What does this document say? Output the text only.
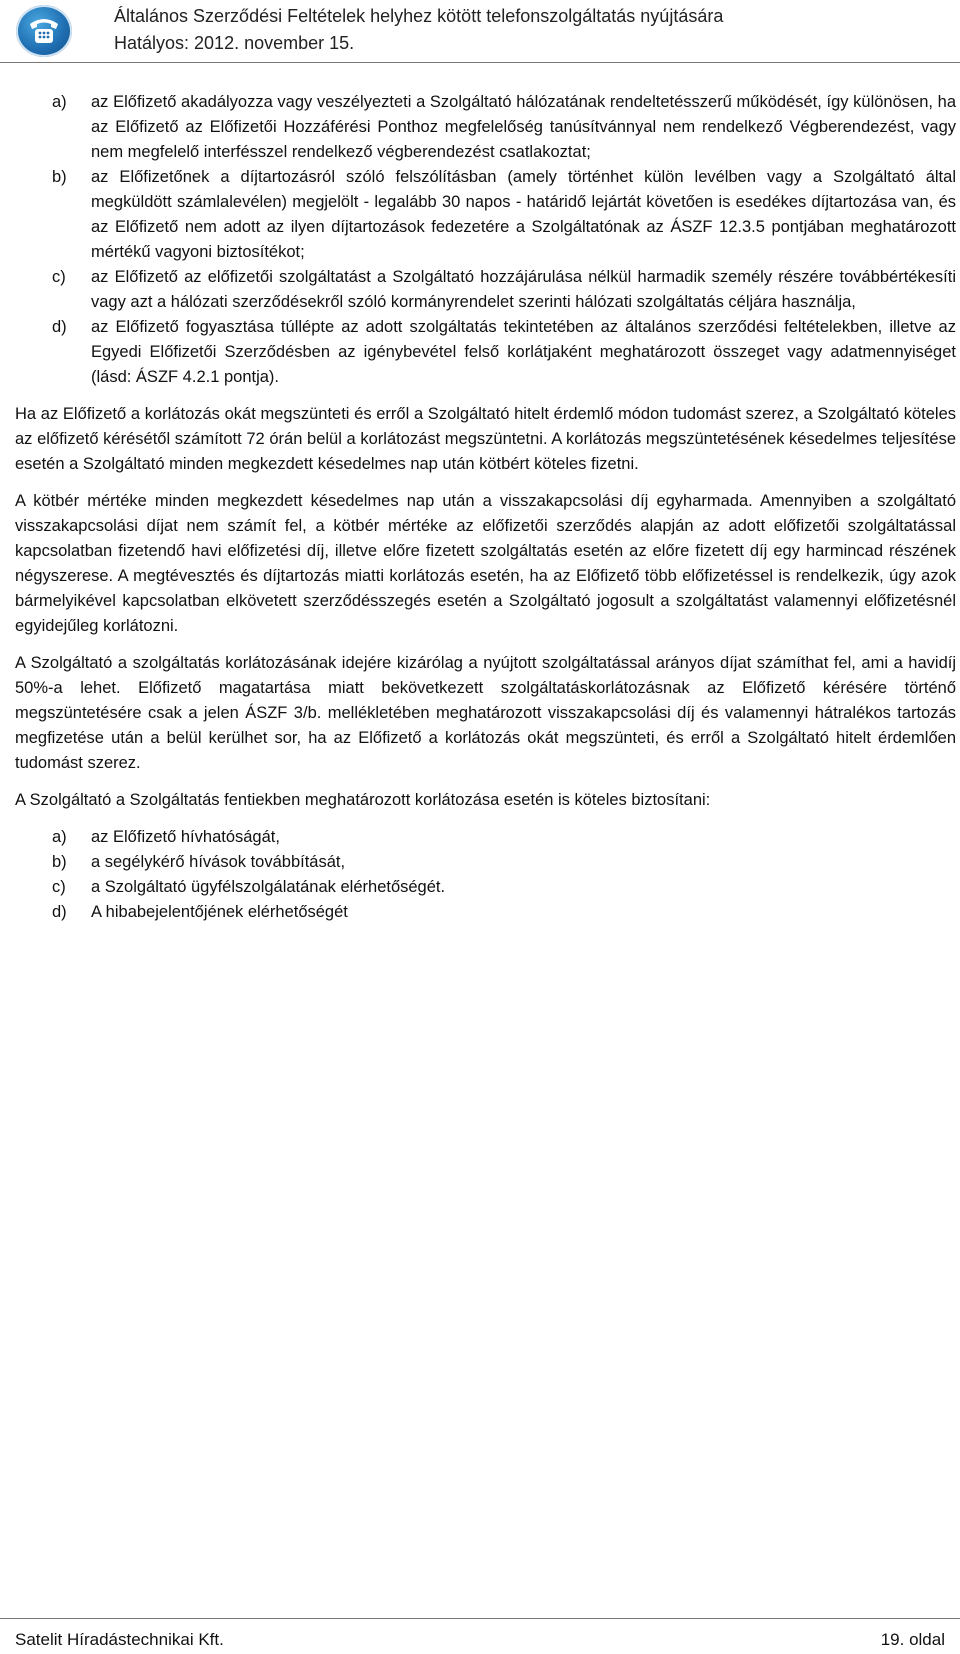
Általános Szerződési Feltételek helyhez kötött telefonszolgáltatás nyújtására
Hatályos: 2012. november 15.
a) az Előfizető akadályozza vagy veszélyezteti a Szolgáltató hálózatának rendeltetésszerű működését, így különösen, ha az Előfizető az Előfizetői Hozzáférési Ponthoz megfelelőség tanúsítvánnyal nem rendelkező Végberendezést, vagy nem megfelelő interfésszel rendelkező végberendezést csatlakoztat;
b) az Előfizetőnek a díjtartozásról szóló felszólításban (amely történhet külön levélben vagy a Szolgáltató által megküldött számlalevélen) megjelölt - legalább 30 napos - határidő lejártát követően is esedékes díjtartozása van, és az Előfizető nem adott az ilyen díjtartozások fedezetére a Szolgáltatónak az ÁSZF 12.3.5 pontjában meghatározott mértékű vagyoni biztosítékot;
c) az Előfizető az előfizetői szolgáltatást a Szolgáltató hozzájárulása nélkül harmadik személy részére továbbértékesíti vagy azt a hálózati szerződésekről szóló kormányrendelet szerinti hálózati szolgáltatás céljára használja,
d) az Előfizető fogyasztása túllépte az adott szolgáltatás tekintetében az általános szerződési feltételekben, illetve az Egyedi Előfizetői Szerződésben az igénybevétel felső korlátjaként meghatározott összeget vagy adatmennyiséget (lásd: ÁSZF 4.2.1 pontja).

Ha az Előfizető a korlátozás okát megszünteti és erről a Szolgáltató hitelt érdemlő módon tudomást szerez, a Szolgáltató köteles az előfizető kérésétől számított 72 órán belül a korlátozást megszüntetni. A korlátozás megszüntetésének késedelmes teljesítése esetén a Szolgáltató minden megkezdett késedelmes nap után kötbért köteles fizetni.

A kötbér mértéke minden megkezdett késedelmes nap után a visszakapcsolási díj egyharmada. Amennyiben a szolgáltató visszakapcsolási díjat nem számít fel, a kötbér mértéke az előfizetői szerződés alapján az adott előfizetői szolgáltatással kapcsolatban fizetendő havi előfizetési díj, illetve előre fizetett szolgáltatás esetén az előre fizetett díj egy harmincad részének négyszerese. A megtévesztés és díjtartozás miatti korlátozás esetén, ha az Előfizető több előfizetéssel is rendelkezik, úgy azok bármelyikével kapcsolatban elkövetett szerződésszegés esetén a Szolgáltató jogosult a szolgáltatást valamennyi előfizetésnél egyidejűleg korlátozni.

A Szolgáltató a szolgáltatás korlátozásának idejére kizárólag a nyújtott szolgáltatással arányos díjat számíthat fel, ami a havidíj 50%-a lehet. Előfizető magatartása miatt bekövetkezett szolgáltatáskorlátozásnak az Előfizető kérésére történő megszüntetésére csak a jelen ÁSZF 3/b. mellékletében meghatározott visszakapcsolási díj és valamennyi hátralékos tartozás megfizetése után a belül kerülhet sor, ha az Előfizető a korlátozás okát megszünteti, és erről a Szolgáltató hitelt érdemlően tudomást szerez.

A Szolgáltató a Szolgáltatás fentiekben meghatározott korlátozása esetén is köteles biztosítani:

a) az Előfizető hívhatóságát,
b) a segélykérő hívások továbbítását,
c) a Szolgáltató ügyfélszolgálatának elérhetőségét.
d) A hibabejelentőjének elérhetőségét
Satelit Híradástechnikai Kft.	19. oldal
